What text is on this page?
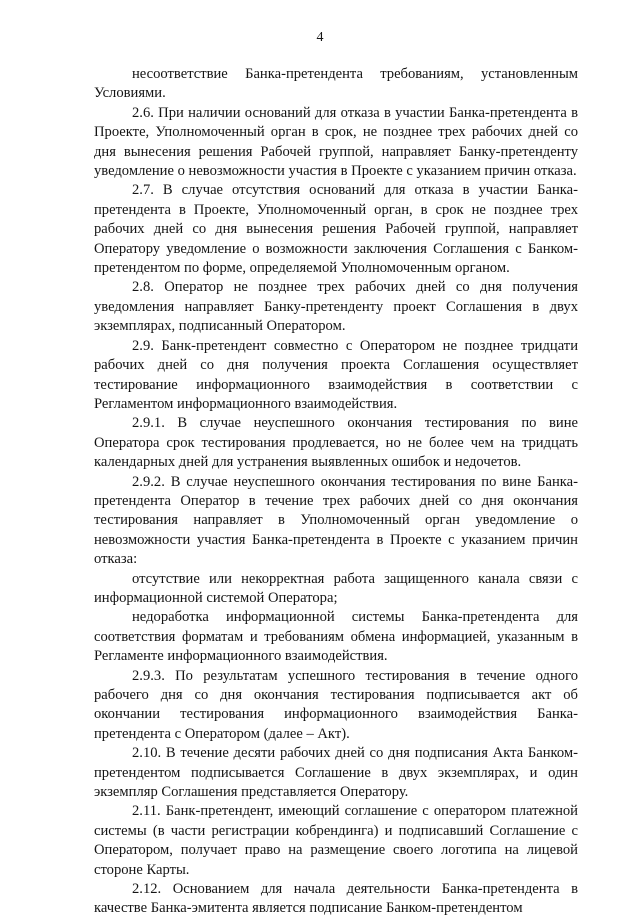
4

несоответствие Банка-претендента требованиям, установленным Условиями.

2.6. При наличии оснований для отказа в участии Банка-претендента в Проекте, Уполномоченный орган в срок, не позднее трех рабочих дней со дня вынесения решения Рабочей группой, направляет Банку-претенденту уведомление о невозможности участия в Проекте с указанием причин отказа.

2.7. В случае отсутствия оснований для отказа в участии Банка-претендента в Проекте, Уполномоченный орган, в срок не позднее трех рабочих дней со дня вынесения решения Рабочей группой, направляет Оператору уведомление о возможности заключения Соглашения с Банком-претендентом по форме, определяемой Уполномоченным органом.

2.8. Оператор не позднее трех рабочих дней со дня получения уведомления направляет Банку-претенденту проект Соглашения в двух экземплярах, подписанный Оператором.

2.9. Банк-претендент совместно с Оператором не позднее тридцати рабочих дней со дня получения проекта Соглашения осуществляет тестирование информационного взаимодействия в соответствии с Регламентом информационного взаимодействия.

2.9.1. В случае неуспешного окончания тестирования по вине Оператора срок тестирования продлевается, но не более чем на тридцать календарных дней для устранения выявленных ошибок и недочетов.

2.9.2. В случае неуспешного окончания тестирования по вине Банка-претендента Оператор в течение трех рабочих дней со дня окончания тестирования направляет в Уполномоченный орган уведомление о невозможности участия Банка-претендента в Проекте с указанием причин отказа:

отсутствие или некорректная работа защищенного канала связи с информационной системой Оператора;

недоработка информационной системы Банка-претендента для соответствия форматам и требованиям обмена информацией, указанным в Регламенте информационного взаимодействия.

2.9.3. По результатам успешного тестирования в течение одного рабочего дня со дня окончания тестирования подписывается акт об окончании тестирования информационного взаимодействия Банка-претендента с Оператором (далее – Акт).

2.10. В течение десяти рабочих дней со дня подписания Акта Банком-претендентом подписывается Соглашение в двух экземплярах, и один экземпляр Соглашения представляется Оператору.

2.11. Банк-претендент, имеющий соглашение с оператором платежной системы (в части регистрации кобрендинга) и подписавший Соглашение с Оператором, получает право на размещение своего логотипа на лицевой стороне Карты.

2.12. Основанием для начала деятельности Банка-претендента в качестве Банка-эмитента является подписание Банком-претендентом
